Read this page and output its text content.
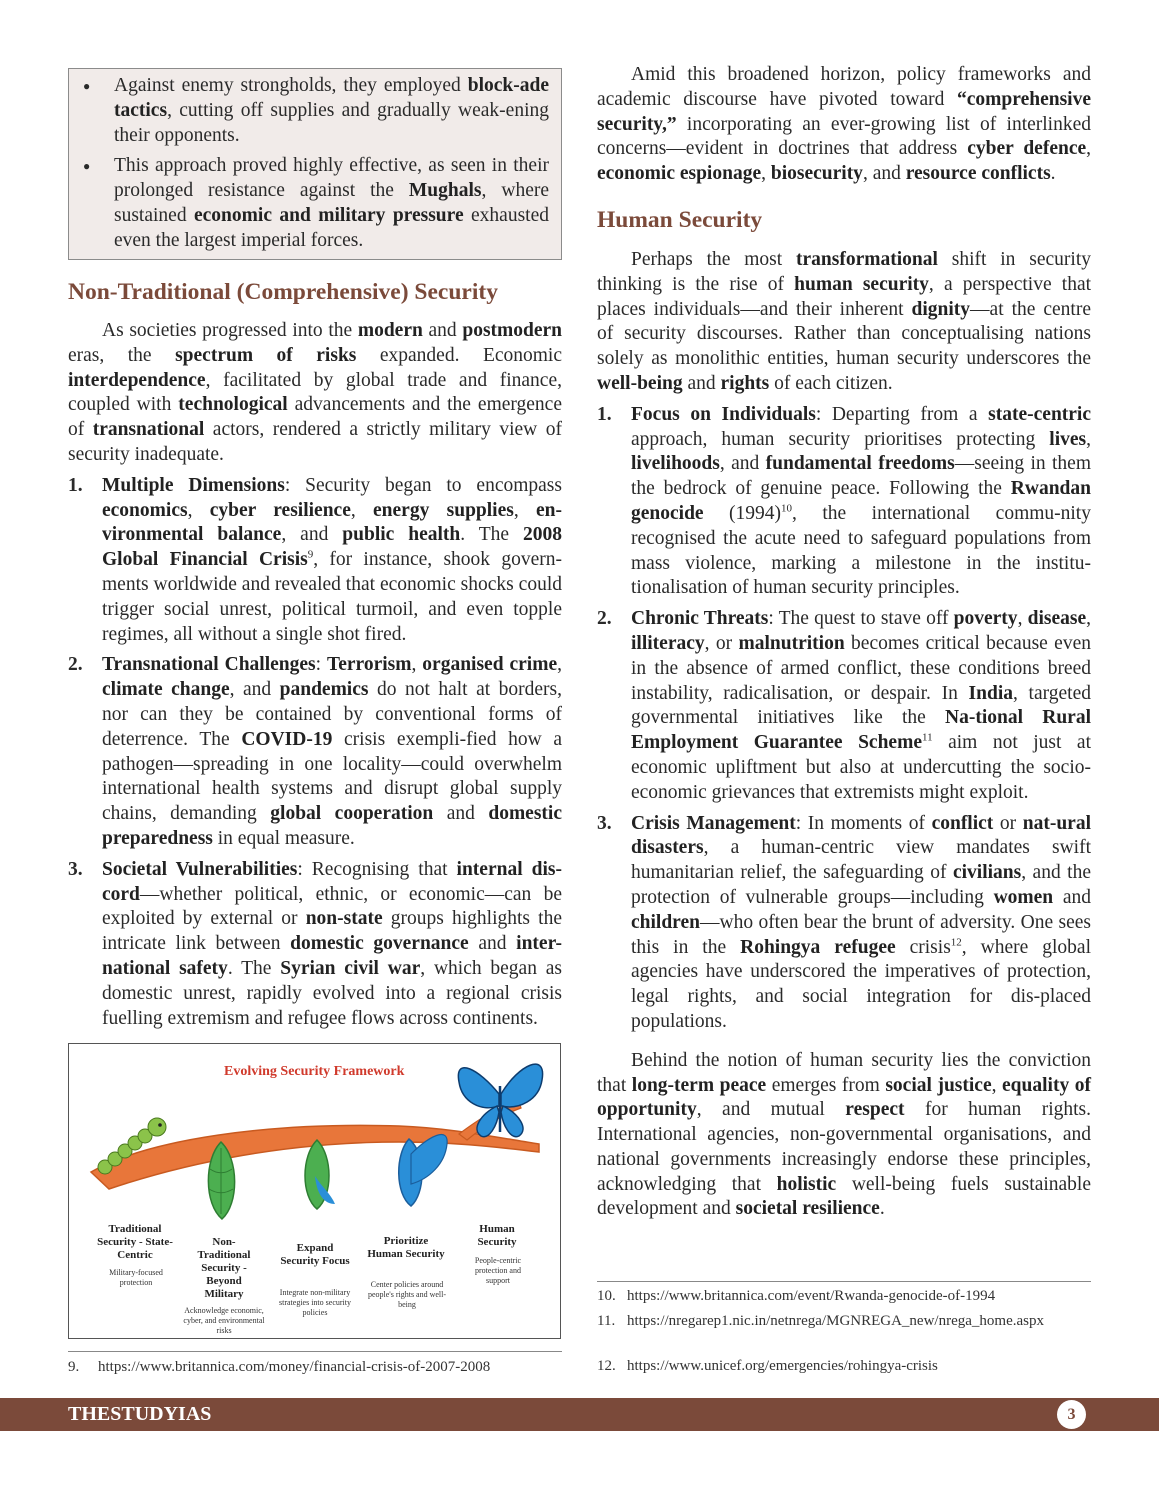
● Against enemy strongholds, they employed block-ade tactics, cutting off supplies and gradually weak-ening their opponents.
● This approach proved highly effective, as seen in their prolonged resistance against the Mughals, where sustained economic and military pressure exhausted even the largest imperial forces.
Non-Traditional (Comprehensive) Security

As societies progressed into the modern and postmodern eras, the spectrum of risks expanded. Economic interdependence, facilitated by global trade and finance, coupled with technological advancements and the emergence of transnational actors, rendered a strictly military view of security inadequate.

1. Multiple Dimensions: Security began to encompass economics, cyber resilience, energy supplies, en-vironmental balance, and public health. The 2008 Global Financial Crisis$^9$, for instance, shook govern-ments worldwide and revealed that economic shocks could trigger social unrest, political turmoil, and even topple regimes, all without a single shot fired.
2. Transnational Challenges: Terrorism, organised crime, climate change, and pandemics do not halt at borders, nor can they be contained by conventional forms of deterrence. The COVID-19 crisis exempli-fied how a pathogen—spreading in one locality—could overwhelm international health systems and disrupt global supply chains, demanding global cooperation and domestic preparedness in equal measure.
3. Societal Vulnerabilities: Recognising that internal dis-cord—whether political, ethnic, or economic—can be exploited by external or non-state groups highlights the intricate link between domestic governance and inter-national safety. The Syrian civil war, which began as domestic unrest, rapidly evolved into a regional crisis fuelling extremism and refugee flows across continents.
Evolving Security Framework
Traditional Security - State-Centric
Military-focused protection
Non-Traditional Security - Beyond Military
Acknowledge economic, cyber, and environmental risks
Expand Security Focus
Integrate non-military strategies into security policies
Prioritize Human Security
Center policies around people's rights and well-being
Human Security
People-centric protection and support
9. https://www.britannica.com/money/financial-crisis-of-2007-2008

Amid this broadened horizon, policy frameworks and academic discourse have pivoted toward “comprehensive security,” incorporating an ever-growing list of interlinked concerns—evident in doctrines that address cyber defence, economic espionage, biosecurity, and resource conflicts.

Human Security

Perhaps the most transformational shift in security thinking is the rise of human security, a perspective that places individuals—and their inherent dignity—at the centre of security discourses. Rather than conceptualising nations solely as monolithic entities, human security underscores the well-being and rights of each citizen.

1. Focus on Individuals: Departing from a state-centric approach, human security prioritises protecting lives, livelihoods, and fundamental freedoms—seeing in them the bedrock of genuine peace. Following the Rwandan genocide $(1994)^{10}$, the international commu-nity recognised the acute need to safeguard populations from mass violence, marking a milestone in the institu-tionalisation of human security principles.
2. Chronic Threats: The quest to stave off poverty, disease, illiteracy, or malnutrition becomes critical because even in the absence of armed conflict, these conditions breed instability, radicalisation, or despair. In India, targeted governmental initiatives like the Na-tional Rural Employment Guarantee Scheme$^{11}$ aim not just at economic upliftment but also at undercutting the socio-economic grievances that extremists might exploit.
3. Crisis Management: In moments of conflict or nat-ural disasters, a human-centric view mandates swift humanitarian relief, the safeguarding of civilians, and the protection of vulnerable groups—including women and children—who often bear the brunt of adversity. One sees this in the Rohingya refugee crisis$^{12}$, where global agencies have underscored the imperatives of protection, legal rights, and social integration for dis-placed populations.

Behind the notion of human security lies the conviction that long-term peace emerges from social justice, equality of opportunity, and mutual respect for human rights. International agencies, non-governmental organisations, and national governments increasingly endorse these principles, acknowledging that holistic well-being fuels sustainable development and societal resilience.

10. https://www.britannica.com/event/Rwanda-genocide-of-1994
11. https://nregarep1.nic.in/netnrega/MGNREGA_new/nrega_home.aspx
12. https://www.unicef.org/emergencies/rohingya-crisis
THESTUDYIAS	3
